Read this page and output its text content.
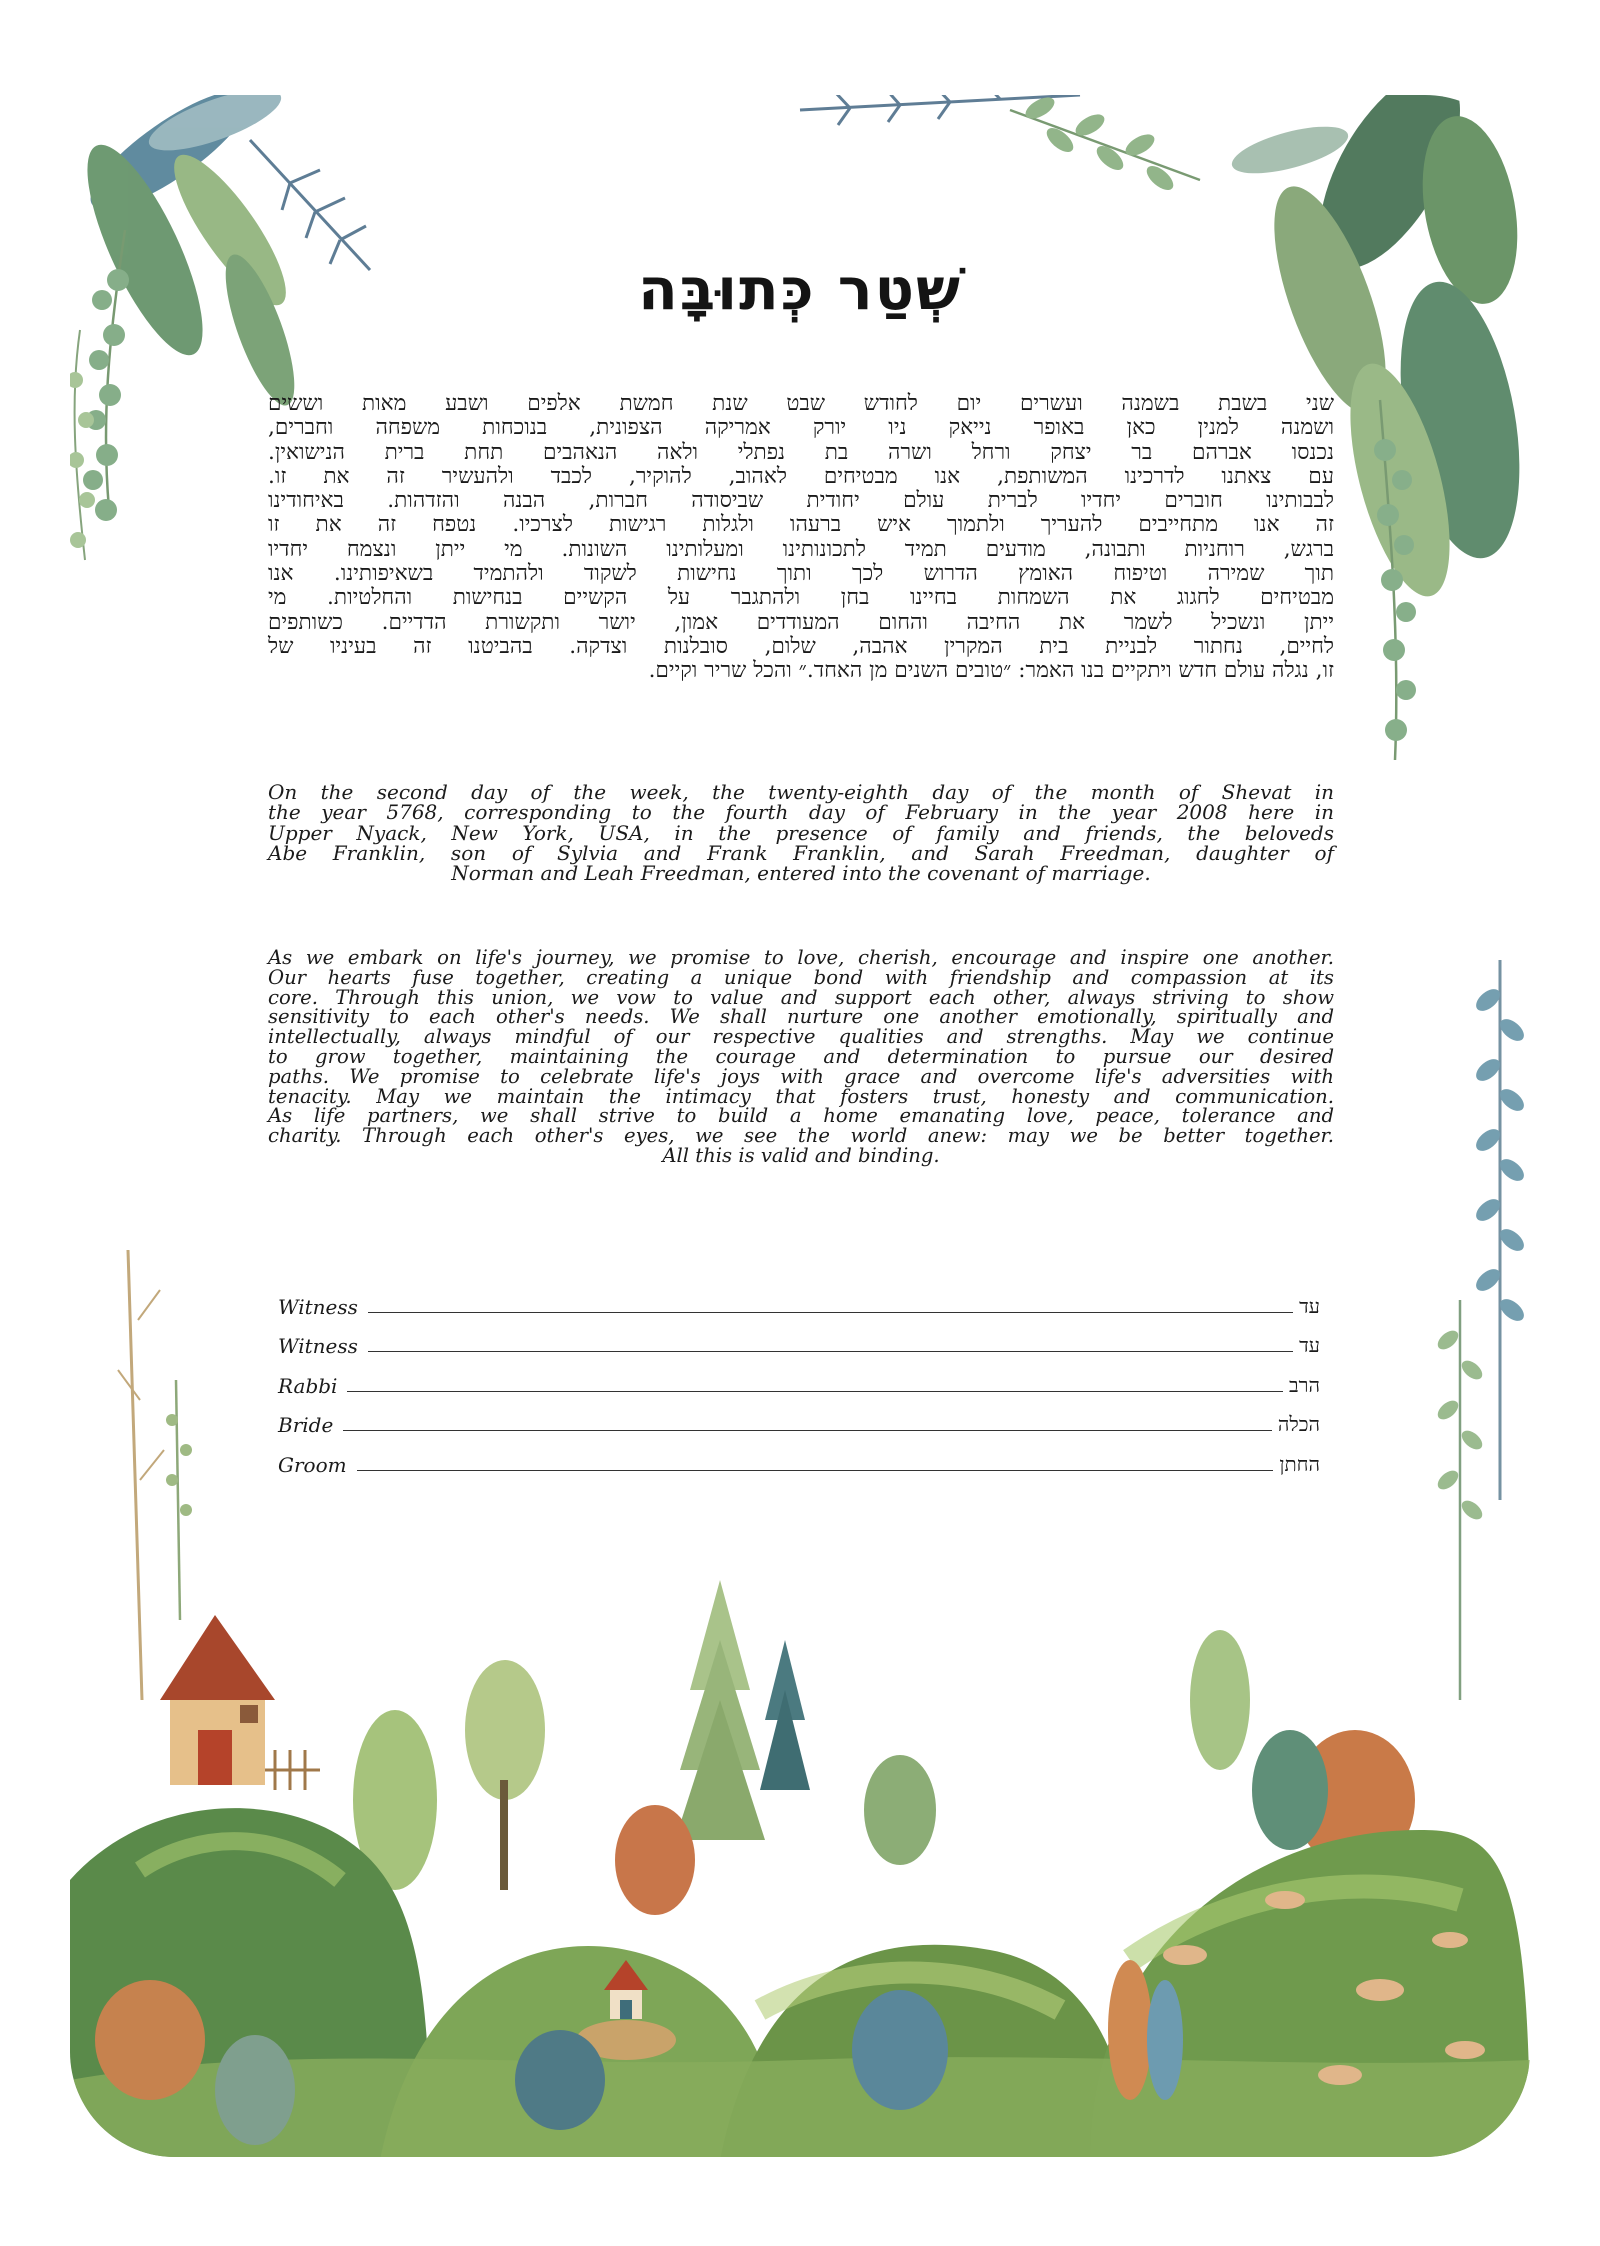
שְׁטַר כְּתוּבָּה
שני בשבת בשמנה ועשרים יום לחודש שבט שנת חמשת אלפים ושבע מאות וששים
ושמנה למנין כאן באופר נייאק ניו יורק אמריקה הצפונית, בנוכחות משפחה וחברים,
נכנסו אברהם בר יצחק ורחל ושרה בת נפתלי ולאה הנאהבים תחת ברית הנישואין.
עם צאתנו לדרכינו המשותפת, אנו מבטיחים לאהוב, להוקיר, לכבד ולהעשיר זה את זו.
לבבותינו חוברים יחדיו לברית עולם יחודית שביסודה חברות, הבנה והזדהות. באיחודינו
זה אנו מתחייבים להעריך ולתמוך איש ברעהו ולגלות רגישות לצרכיו. נטפח זה את זו
ברגש, רוחניות ותבונה, מודעים תמיד לתכונותינו ומעלותינו השונות. מי ייתן ונצמח יחדיו
תוך שמירה וטיפוח האומץ הדרוש לכך ותוך נחישות לשקוד ולהתמיד בשאיפותינו. אנו
מבטיחים לחגוג את השמחות בחיינו בחן ולהתגבר על הקשיים בנחישות והחלטיות. מי
ייתן ונשכיל לשמר את החיבה והחום המעודדים אמון, יושר ותקשורת הדדיים. כשותפים
לחיים, נחתור לבניית בית המקרין אהבה, שלום, סובלנות וצדקה. בהביטנו זה בעיניו של
זו, נגלה עולם חדש ויתקיים בנו האמר: ״טובים השנים מן האחד.״ והכל שריר וקיים.
On the second day of the week, the twenty-eighth day of the month of Shevat in
the year 5768, corresponding to the fourth day of February in the year 2008 here in
Upper Nyack, New York, USA, in the presence of family and friends, the beloveds
Abe Franklin, son of Sylvia and Frank Franklin, and Sarah Freedman, daughter of
Norman and Leah Freedman, entered into the covenant of marriage.
As we embark on life's journey, we promise to love, cherish, encourage and inspire one another.
Our hearts fuse together, creating a unique bond with friendship and compassion at its
core. Through this union, we vow to value and support each other, always striving to show
sensitivity to each other's needs. We shall nurture one another emotionally, spiritually and
intellectually, always mindful of our respective qualities and strengths. May we continue
to grow together, maintaining the courage and determination to pursue our desired
paths. We promise to celebrate life's joys with grace and overcome life's adversities with
tenacity. May we maintain the intimacy that fosters trust, honesty and communication.
As life partners, we shall strive to build a home emanating love, peace, tolerance and
charity. Through each other's eyes, we see the world anew: may we be better together.
All this is valid and binding.
Witness	עד
Witness	עד
Rabbi	הרב
Bride	הכלה
Groom	החתן
